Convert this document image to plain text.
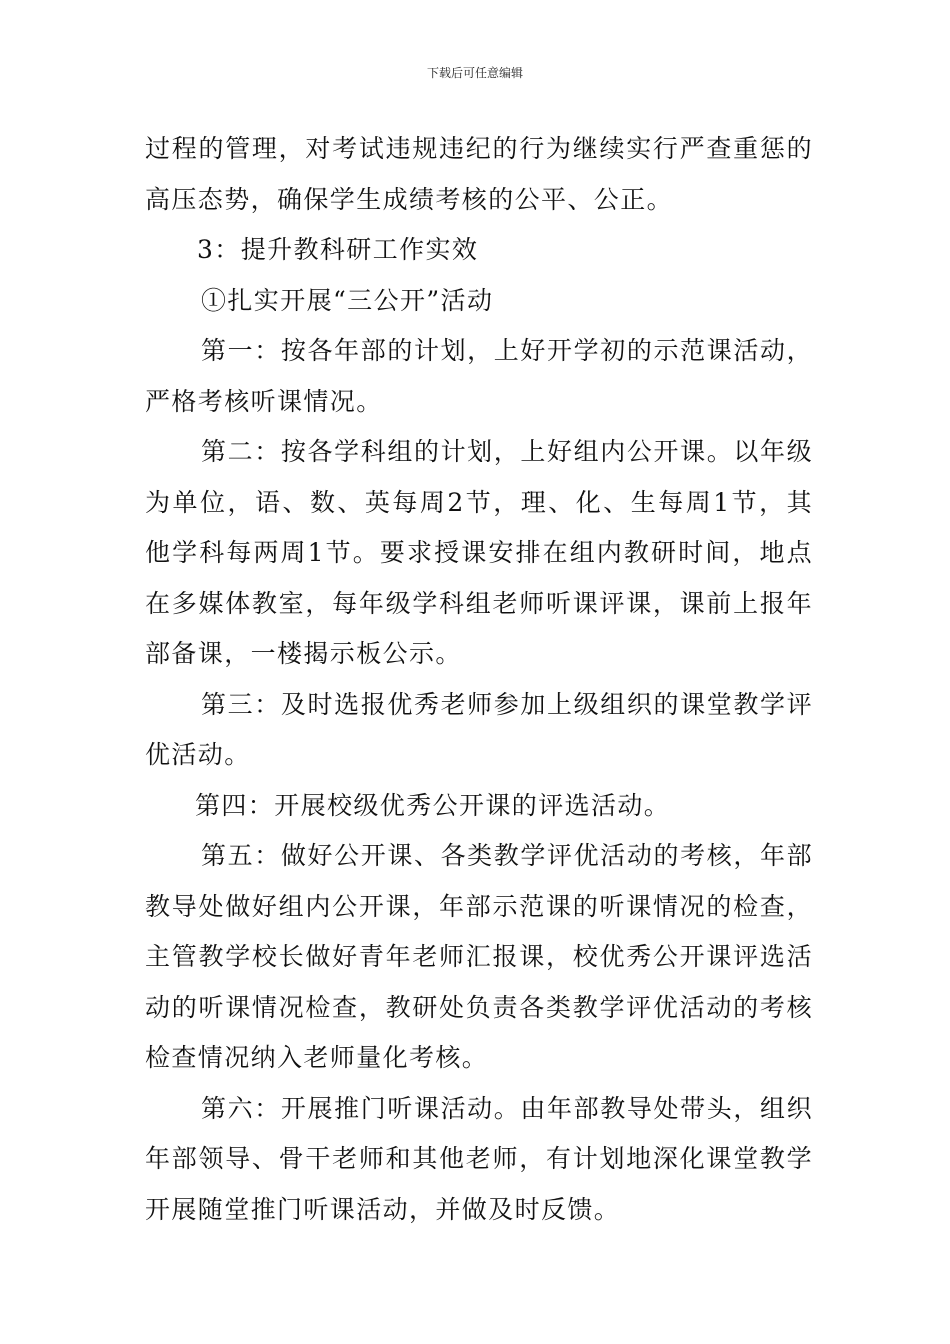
下载后可任意编辑

过程的管理，对考试违规违纪的行为继续实行严查重惩的高压态势，确保学生成绩考核的公平、公正。

3：提升教科研工作实效

①扎实开展“三公开”活动

第一：按各年部的计划，上好开学初的示范课活动，严格考核听课情况。

第二：按各学科组的计划，上好组内公开课。以年级为单位，语、数、英每周2节，理、化、生每周1节，其他学科每两周1节。要求授课安排在组内教研时间，地点在多媒体教室，每年级学科组老师听课评课，课前上报年部备课，一楼揭示板公示。

第三：及时选报优秀老师参加上级组织的课堂教学评优活动。

第四：开展校级优秀公开课的评选活动。

第五：做好公开课、各类教学评优活动的考核，年部教导处做好组内公开课，年部示范课的听课情况的检查，主管教学校长做好青年老师汇报课，校优秀公开课评选活动的听课情况检查，教研处负责各类教学评优活动的考核检查情况纳入老师量化考核。

第六：开展推门听课活动。由年部教导处带头，组织年部领导、骨干老师和其他老师，有计划地深化课堂教学开展随堂推门听课活动，并做及时反馈。
